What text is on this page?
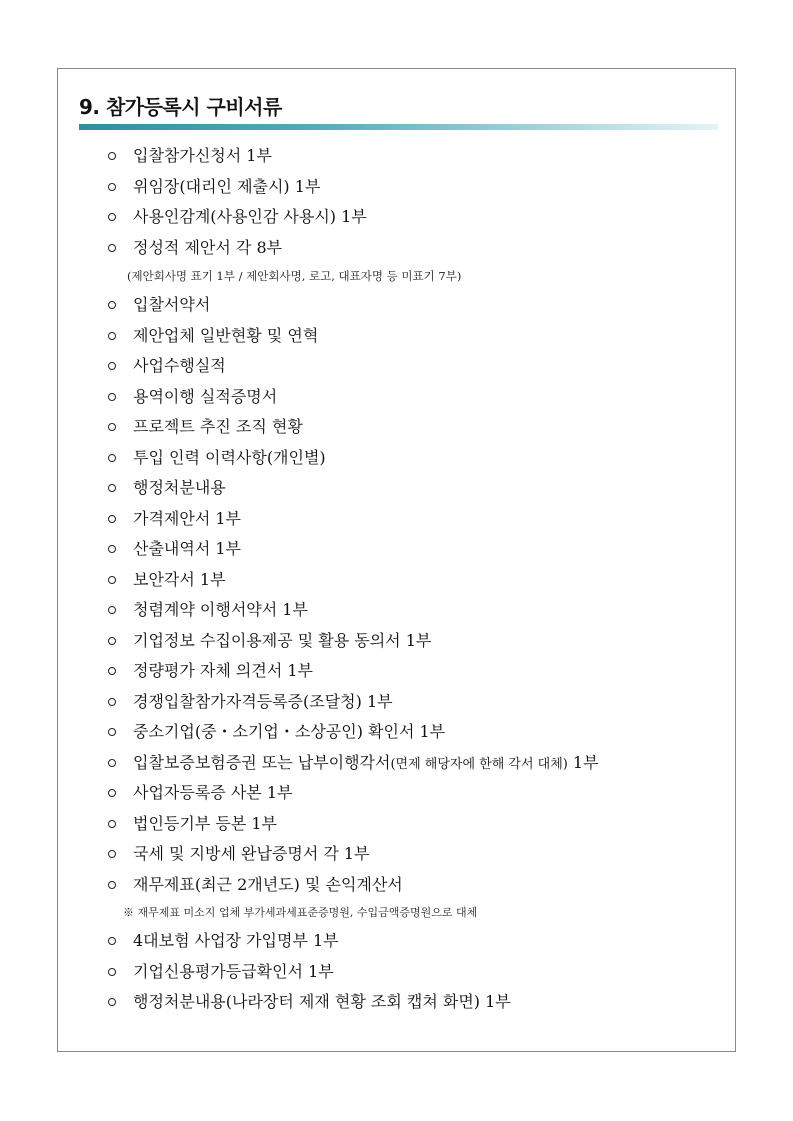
9. 참가등록시 구비서류
입찰참가신청서 1부
위임장(대리인 제출시) 1부
사용인감계(사용인감 사용시) 1부
정성적 제안서 각 8부
(제안회사명 표기 1부 / 제안회사명, 로고, 대표자명 등 미표기 7부)
입찰서약서
제안업체 일반현황 및 연혁
사업수행실적
용역이행 실적증명서
프로젝트 추진 조직 현황
투입 인력 이력사항(개인별)
행정처분내용
가격제안서 1부
산출내역서 1부
보안각서 1부
청렴계약 이행서약서 1부
기업정보 수집이용제공 및 활용 동의서 1부
정량평가 자체 의견서 1부
경쟁입찰참가자격등록증(조달청) 1부
중소기업(중・소기업・소상공인) 확인서 1부
입찰보증보험증권 또는 납부이행각서(면제 해당자에 한해 각서 대체) 1부
사업자등록증 사본 1부
법인등기부 등본 1부
국세 및 지방세 완납증명서 각 1부
재무제표(최근 2개년도) 및 손익계산서
※ 재무제표 미소지 업체 부가세과세표준증명원, 수입금액증명원으로 대체
4대보험 사업장 가입명부 1부
기업신용평가등급확인서 1부
행정처분내용(나라장터 제재 현황 조회 캡쳐 화면) 1부
